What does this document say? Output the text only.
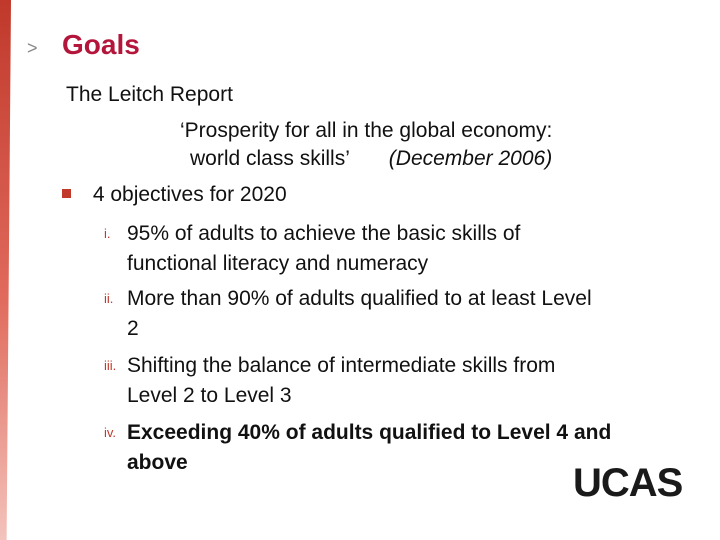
> Goals
The Leitch Report
‘Prosperity for all in the global economy:
world class skills’ (December 2006)
4 objectives for 2020
i. 95% of adults to achieve the basic skills of functional literacy and numeracy
ii. More than 90% of adults qualified to at least Level 2
iii. Shifting the balance of intermediate skills from Level 2 to Level 3
iv. Exceeding 40% of adults qualified to Level 4 and above	UCAS
